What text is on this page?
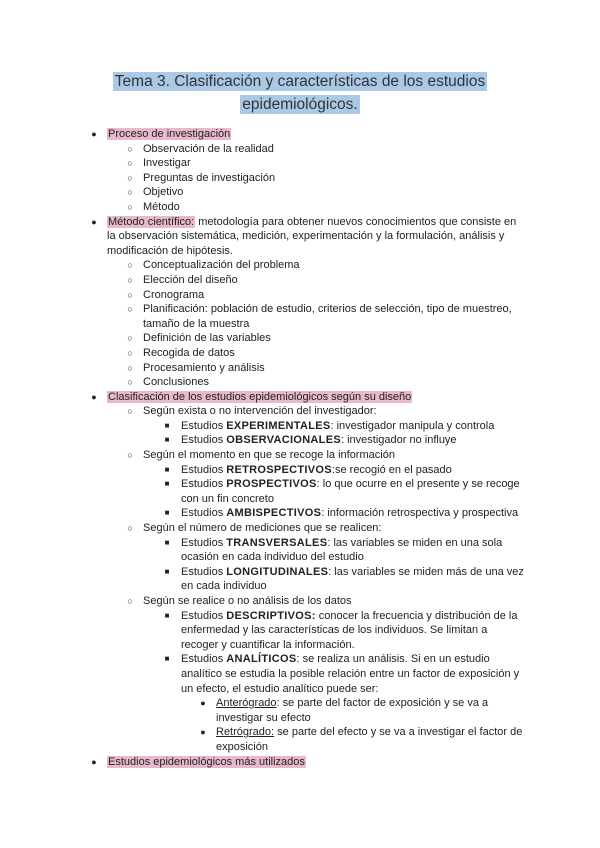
Tema 3. Clasificación y características de los estudios
epidemiológicos.
● Proceso de investigación
○ Observación de la realidad
○ Investigar
○ Preguntas de investigación
○ Objetivo
○ Método
● Método científico: metodología para obtener nuevos conocimientos que consiste en
la observación sistemática, medición, experimentación y la formulación, análisis y
modificación de hipótesis.
○ Conceptualización del problema
○ Elección del diseño
○ Cronograma
○ Planificación: población de estudio, criterios de selección, tipo de muestreo,
tamaño de la muestra
○ Definición de las variables
○ Recogida de datos
○ Procesamiento y análisis
○ Conclusiones
● Clasificación de los estudios epidemiológicos según su diseño
○ Según exista o no intervención del investigador:
■	Estudios EXPERIMENTALES: investigador manipula y controla
■	Estudios OBSERVACIONALES: investigador no influye
○ Según el momento en que se recoge la información
■	Estudios RETROSPECTIVOS:se recogió en el pasado
■	Estudios PROSPECTIVOS: lo que ocurre en el presente y se recoge
con un fin concreto
■	Estudios AMBISPECTIVOS: información retrospectiva y prospectiva
○ Según el número de mediciones que se realicen:
■	Estudios TRANSVERSALES: las variables se miden en una sola
ocasión en cada individuo del estudio
■	Estudios LONGITUDINALES: las variables se miden más de una vez
en cada individuo
○ Según se realice o no análisis de los datos
■	Estudios DESCRIPTIVOS: conocer la frecuencia y distribución de la
enfermedad y las características de los individuos. Se limitan a
recoger y cuantificar la información.
■	Estudios ANALÍTICOS: se realiza un análisis. Si en un estudio
analítico se estudia la posible relación entre un factor de exposición y
un efecto, el estudio analítico puede ser:
● Anterógrado: se parte del factor de exposición y se va a
investigar su efecto
● Retrógrado: se parte del efecto y se va a investigar el factor de
exposición
● Estudios epidemiológicos más utilizados
